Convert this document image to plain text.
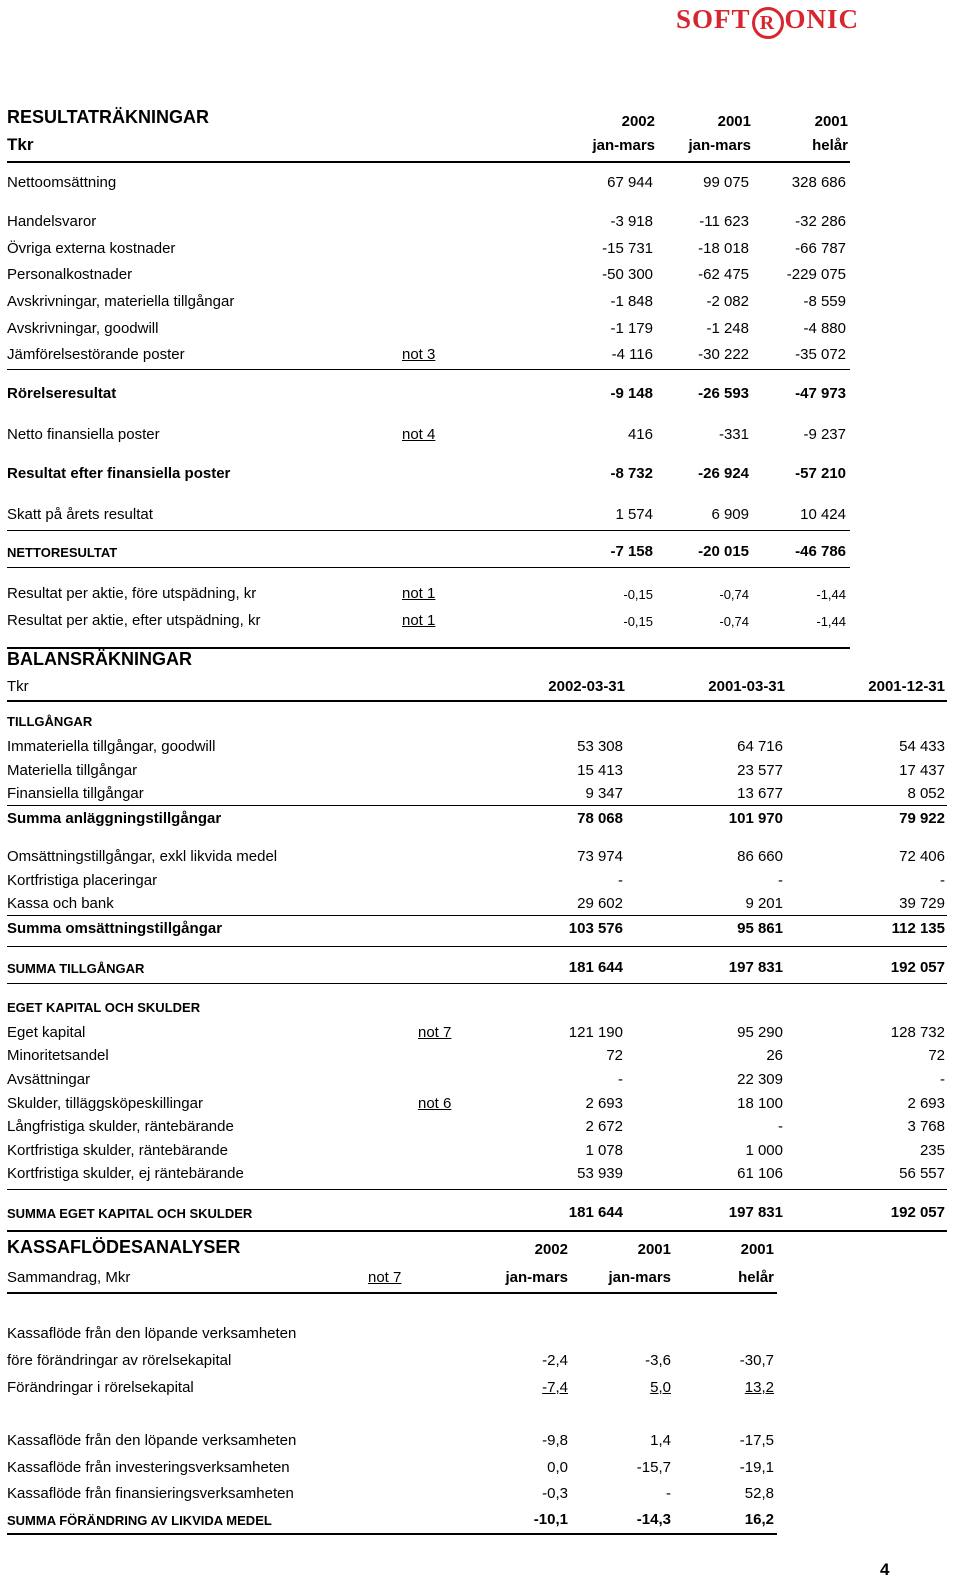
SOFT R ONIC
RESULTATRÄKNINGAR
Tkr
2002	2001	2001
jan-mars	jan-mars	helår
Nettoomsättning	67 944	99 075	328 686
Handelsvaror	-3 918	-11 623	-32 286
Övriga externa kostnader	-15 731	-18 018	-66 787
Personalkostnader	-50 300	-62 475	-229 075
Avskrivningar, materiella tillgångar	-1 848	-2 082	-8 559
Avskrivningar, goodwill	-1 179	-1 248	-4 880
Jämförelsestörande poster	not 3	-4 116	-30 222	-35 072
Rörelseresultat	-9 148	-26 593	-47 973
Netto finansiella poster	not 4	416	-331	-9 237
Resultat efter finansiella poster	-8 732	-26 924	-57 210
Skatt på årets resultat	1 574	6 909	10 424
NETTORESULTAT	-7 158	-20 015	-46 786
Resultat per aktie, före utspädning, kr	not 1	-0,15	-0,74	-1,44
Resultat per aktie, efter utspädning, kr	not 1	-0,15	-0,74	-1,44
BALANSRÄKNINGAR
Tkr	2002-03-31	2001-03-31	2001-12-31
TILLGÅNGAR
Immateriella tillgångar, goodwill	53 308	64 716	54 433
Materiella tillgångar	15 413	23 577	17 437
Finansiella tillgångar	9 347	13 677	8 052
Summa anläggningstillgångar	78 068	101 970	79 922
Omsättningstillgångar, exkl likvida medel	73 974	86 660	72 406
Kortfristiga placeringar	-	-	-
Kassa och bank	29 602	9 201	39 729
Summa omsättningstillgångar	103 576	95 861	112 135
SUMMA TILLGÅNGAR	181 644	197 831	192 057
EGET KAPITAL OCH SKULDER
Eget kapital	not 7	121 190	95 290	128 732
Minoritetsandel	72	26	72
Avsättningar	-	22 309	-
Skulder, tilläggsköpeskillingar	not 6	2 693	18 100	2 693
Långfristiga skulder, räntebärande	2 672	-	3 768
Kortfristiga skulder, räntebärande	1 078	1 000	235
Kortfristiga skulder, ej räntebärande	53 939	61 106	56 557
SUMMA EGET KAPITAL OCH SKULDER	181 644	197 831	192 057
KASSAFLÖDESANALYSER	2002	2001	2001
Sammandrag, Mkr	not 7	jan-mars	jan-mars	helår
Kassaflöde från den löpande verksamheten
före förändringar av rörelsekapital	-2,4	-3,6	-30,7
Förändringar i rörelsekapital	-7,4	5,0	13,2
Kassaflöde från den löpande verksamheten	-9,8	1,4	-17,5
Kassaflöde från investeringsverksamheten	0,0	-15,7	-19,1
Kassaflöde från finansieringsverksamheten	-0,3	-	52,8
SUMMA FÖRÄNDRING AV LIKVIDA MEDEL	-10,1	-14,3	16,2
4
